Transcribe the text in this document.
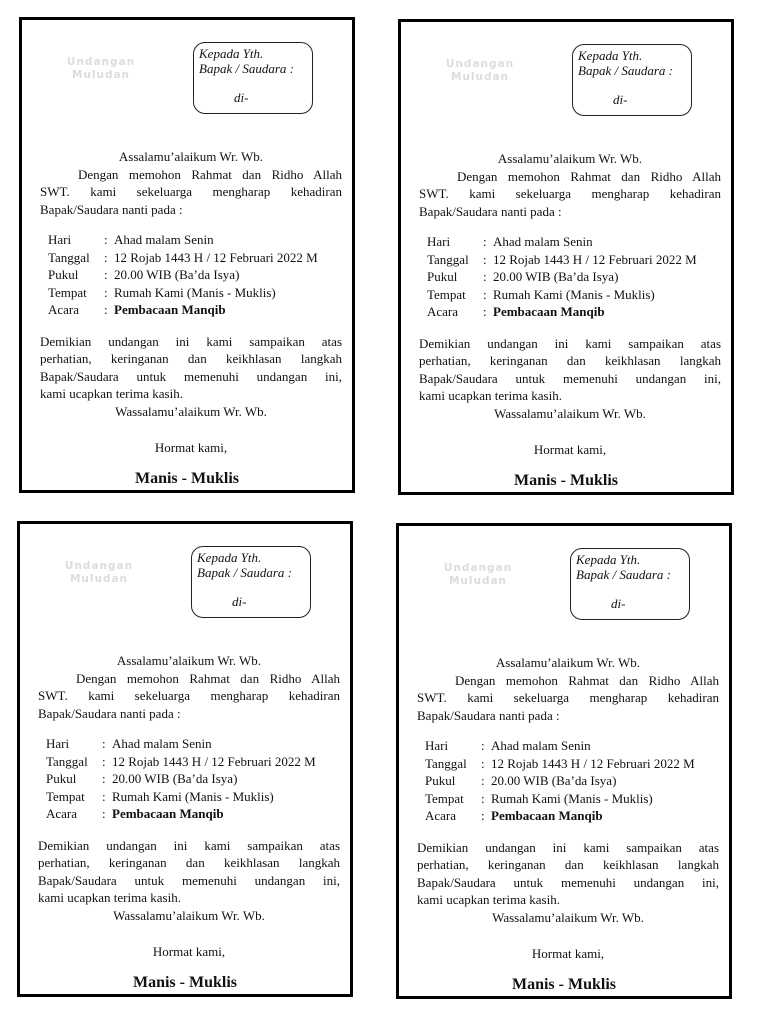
Undangan
Muludan
Kepada Yth.
Bapak / Saudara :
di-
Assalamu’alaikum Wr. Wb.
Dengan memohon Rahmat dan Ridho Allah
SWT. kami sekeluarga mengharap kehadiran
Bapak/Saudara nanti pada :
Hari	:	Ahad malam Senin
Tanggal	:	12 Rojab 1443 H / 12 Februari 2022 M
Pukul	:	20.00 WIB (Ba’da Isya)
Tempat	:	Rumah Kami (Manis - Muklis)
Acara	:	Pembacaan Manqib
Demikian undangan ini kami sampaikan atas
perhatian, keringanan dan keikhlasan langkah
Bapak/Saudara untuk memenuhi undangan ini,
kami ucapkan terima kasih.
Wassalamu’alaikum Wr. Wb.
Hormat kami,
Manis - Muklis
Undangan
Muludan
Kepada Yth.
Bapak / Saudara :
di-
Assalamu’alaikum Wr. Wb.
Dengan memohon Rahmat dan Ridho Allah
SWT. kami sekeluarga mengharap kehadiran
Bapak/Saudara nanti pada :
Hari	:	Ahad malam Senin
Tanggal	:	12 Rojab 1443 H / 12 Februari 2022 M
Pukul	:	20.00 WIB (Ba’da Isya)
Tempat	:	Rumah Kami (Manis - Muklis)
Acara	:	Pembacaan Manqib
Demikian undangan ini kami sampaikan atas
perhatian, keringanan dan keikhlasan langkah
Bapak/Saudara untuk memenuhi undangan ini,
kami ucapkan terima kasih.
Wassalamu’alaikum Wr. Wb.
Hormat kami,
Manis - Muklis
Undangan
Muludan
Kepada Yth.
Bapak / Saudara :
di-
Assalamu’alaikum Wr. Wb.
Dengan memohon Rahmat dan Ridho Allah
SWT. kami sekeluarga mengharap kehadiran
Bapak/Saudara nanti pada :
Hari	:	Ahad malam Senin
Tanggal	:	12 Rojab 1443 H / 12 Februari 2022 M
Pukul	:	20.00 WIB (Ba’da Isya)
Tempat	:	Rumah Kami (Manis - Muklis)
Acara	:	Pembacaan Manqib
Demikian undangan ini kami sampaikan atas
perhatian, keringanan dan keikhlasan langkah
Bapak/Saudara untuk memenuhi undangan ini,
kami ucapkan terima kasih.
Wassalamu’alaikum Wr. Wb.
Hormat kami,
Manis - Muklis
Undangan
Muludan
Kepada Yth.
Bapak / Saudara :
di-
Assalamu’alaikum Wr. Wb.
Dengan memohon Rahmat dan Ridho Allah
SWT. kami sekeluarga mengharap kehadiran
Bapak/Saudara nanti pada :
Hari	:	Ahad malam Senin
Tanggal	:	12 Rojab 1443 H / 12 Februari 2022 M
Pukul	:	20.00 WIB (Ba’da Isya)
Tempat	:	Rumah Kami (Manis - Muklis)
Acara	:	Pembacaan Manqib
Demikian undangan ini kami sampaikan atas
perhatian, keringanan dan keikhlasan langkah
Bapak/Saudara untuk memenuhi undangan ini,
kami ucapkan terima kasih.
Wassalamu’alaikum Wr. Wb.
Hormat kami,
Manis - Muklis
